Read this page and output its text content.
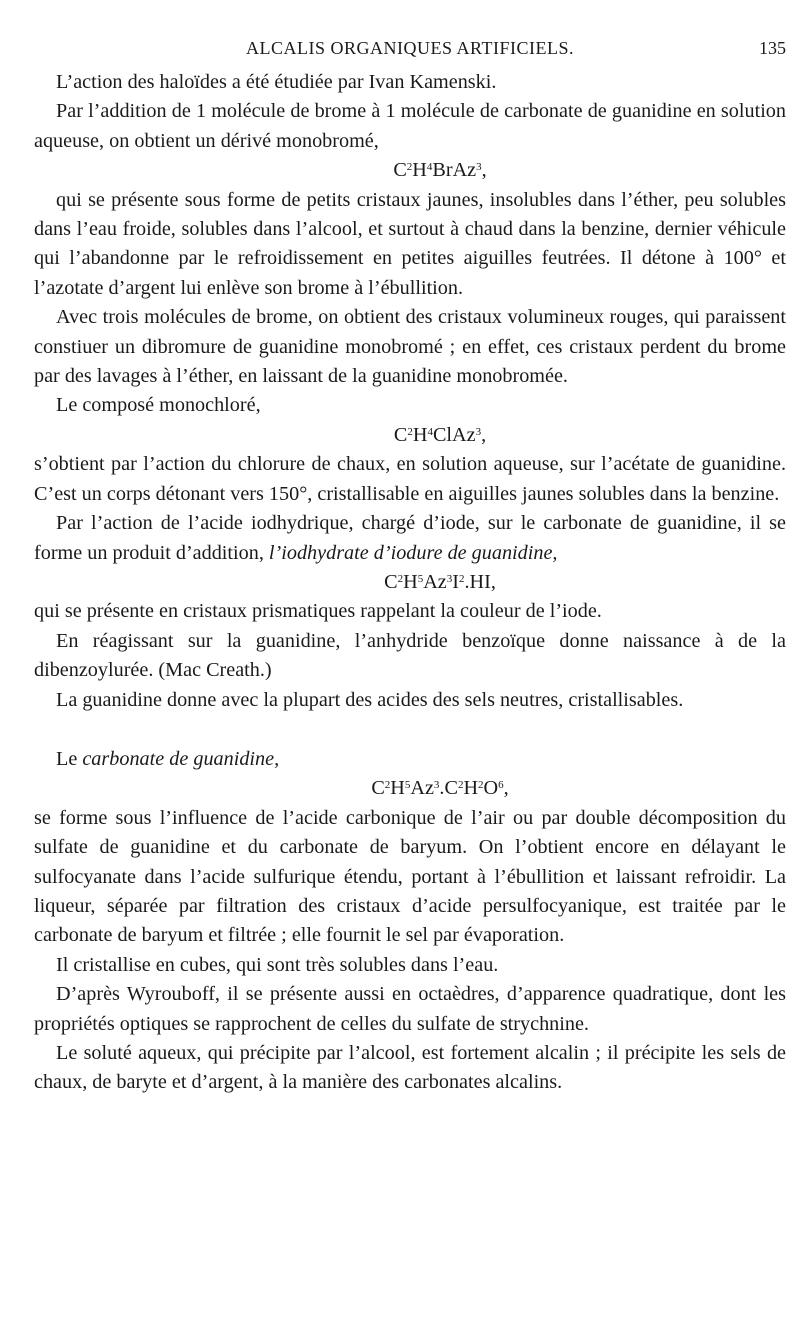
ALCALIS ORGANIQUES ARTIFICIELS.	135

L’action des haloïdes a été étudiée par Ivan Kamenski.

Par l’addition de 1 molécule de brome à 1 molécule de carbonate de guanidine en solution aqueuse, on obtient un dérivé monobromé,

$C^2H^4BrAz^3$,

qui se présente sous forme de petits cristaux jaunes, insolubles dans l’éther, peu solubles dans l’eau froide, solubles dans l’alcool, et surtout à chaud dans la benzine, dernier véhicule qui l’abandonne par le refroidissement en petites aiguilles feutrées. Il détone à 100° et l’azotate d’argent lui enlève son brome à l’ébullition.

Avec trois molécules de brome, on obtient des cristaux volumineux rouges, qui paraissent constiuer un dibromure de guanidine monobromé ; en effet, ces cristaux perdent du brome par des lavages à l’éther, en laissant de la guanidine monobromée.

Le composé monochloré,

$C^2H^4ClAz^3$,

s’obtient par l’action du chlorure de chaux, en solution aqueuse, sur l’acétate de guanidine. C’est un corps détonant vers 150°, cristallisable en aiguilles jaunes solubles dans la benzine.

Par l’action de l’acide iodhydrique, chargé d’iode, sur le carbonate de guanidine, il se forme un produit d’addition, l’iodhydrate d’iodure de guanidine,

$C^2H^5Az^3I^2.HI$,

qui se présente en cristaux prismatiques rappelant la couleur de l’iode.

En réagissant sur la guanidine, l’anhydride benzoïque donne naissance à de la dibenzoylurée. (Mac Creath.)

La guanidine donne avec la plupart des acides des sels neutres, cristallisables.

Le carbonate de guanidine,

$C^2H^5Az^3.C^2H^2O^6$,

se forme sous l’influence de l’acide carbonique de l’air ou par double décomposition du sulfate de guanidine et du carbonate de baryum. On l’obtient encore en délayant le sulfocyanate dans l’acide sulfurique étendu, portant à l’ébullition et laissant refroidir. La liqueur, séparée par filtration des cristaux d’acide persulfocyanique, est traitée par le carbonate de baryum et filtrée ; elle fournit le sel par évaporation.

Il cristallise en cubes, qui sont très solubles dans l’eau.

D’après Wyrouboff, il se présente aussi en octaèdres, d’apparence quadratique, dont les propriétés optiques se rapprochent de celles du sulfate de strychnine.

Le soluté aqueux, qui précipite par l’alcool, est fortement alcalin ; il précipite les sels de chaux, de baryte et d’argent, à la manière des carbonates alcalins.
